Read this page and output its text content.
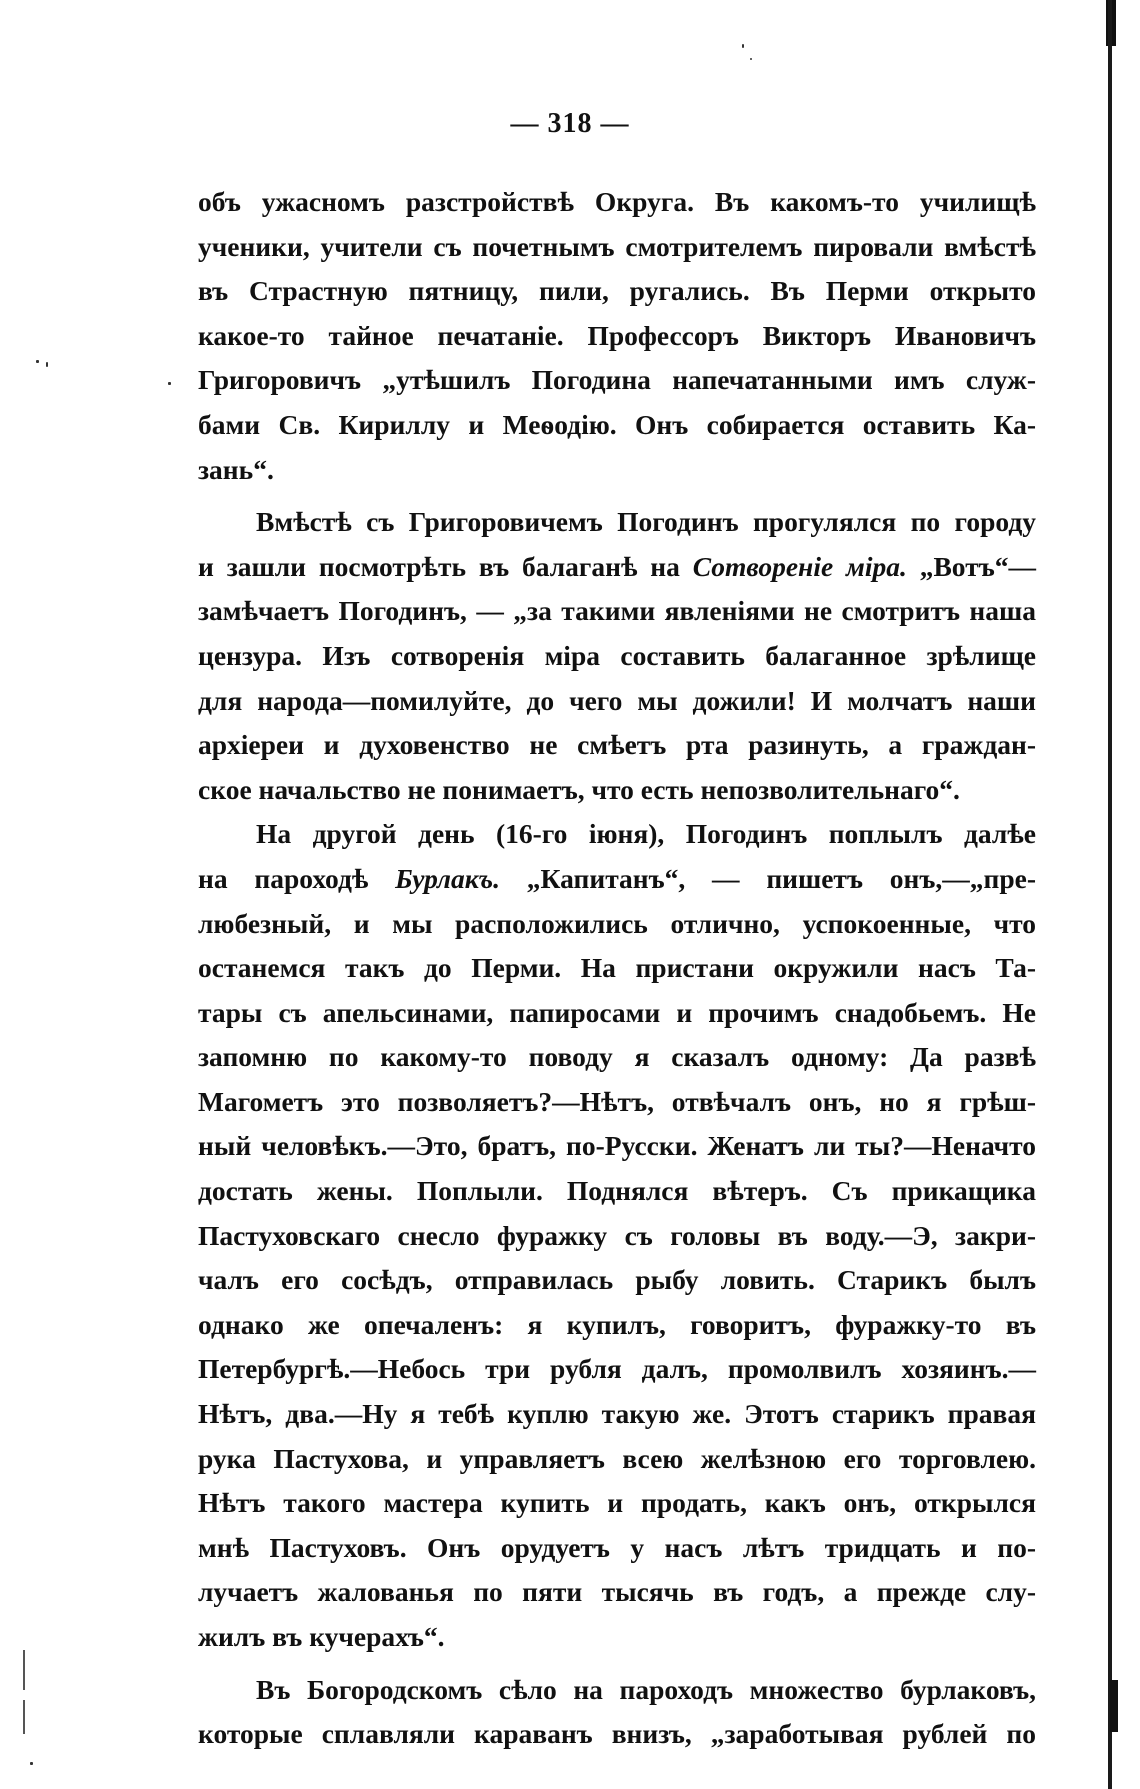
— 318 —
объ ужасномъ разстройствѣ Округа. Въ какомъ-то училищѣ
ученики, учители съ почетнымъ смотрителемъ пировали вмѣстѣ
въ Страстную пятницу, пили, ругались. Въ Перми открыто
какое-то тайное печатаніе. Профессоръ Викторъ Ивановичъ
Григоровичъ „утѣшилъ Погодина напечатанными имъ служ-
бами Св. Кириллу и Меѳодію. Онъ собирается оставить Ка-
зань“.
Вмѣстѣ съ Григоровичемъ Погодинъ прогулялся по городу
и зашли посмотрѣть въ балаганѣ на Сотвореніе міра. „Вотъ“—
замѣчаетъ Погодинъ, — „за такими явленіями не смотритъ наша
цензура. Изъ сотворенія міра составить балаганное зрѣлище
для народа—помилуйте, до чего мы дожили! И молчатъ наши
архіереи и духовенство не смѣетъ рта разинуть, а граждан-
ское начальство не понимаетъ, что есть непозволительнаго“.
На другой день (16-го іюня), Погодинъ поплылъ далѣе
на пароходѣ Бурлакъ. „Капитанъ“, — пишетъ онъ,—„пре-
любезный, и мы расположились отлично, успокоенные, что
останемся такъ до Перми. На пристани окружили насъ Та-
тары съ апельсинами, папиросами и прочимъ снадобьемъ. Не
запомню по какому-то поводу я сказалъ одному: Да развѣ
Магометъ это позволяетъ?—Нѣтъ, отвѣчалъ онъ, но я грѣш-
ный человѣкъ.—Это, братъ, по-Русски. Женатъ ли ты?—Неначто
достать жены. Поплыли. Поднялся вѣтеръ. Съ прикащика
Пастуховскаго снесло фуражку съ головы въ воду.—Э, закри-
чалъ его сосѣдъ, отправилась рыбу ловить. Старикъ былъ
однако же опечаленъ: я купилъ, говоритъ, фуражку-то въ
Петербургѣ.—Небось три рубля далъ, промолвилъ хозяинъ.—
Нѣтъ, два.—Ну я тебѣ куплю такую же. Этотъ старикъ правая
рука Пастухова, и управляетъ всею желѣзною его торговлею.
Нѣтъ такого мастера купить и продать, какъ онъ, открылся
мнѣ Пастуховъ. Онъ орудуетъ у насъ лѣтъ тридцать и по-
лучаетъ жалованья по пяти тысячь въ годъ, а прежде слу-
жилъ въ кучерахъ“.
Въ Богородскомъ сѣло на пароходъ множество бурлаковъ,
которые сплавляли караванъ внизъ, „заработывая рублей по
